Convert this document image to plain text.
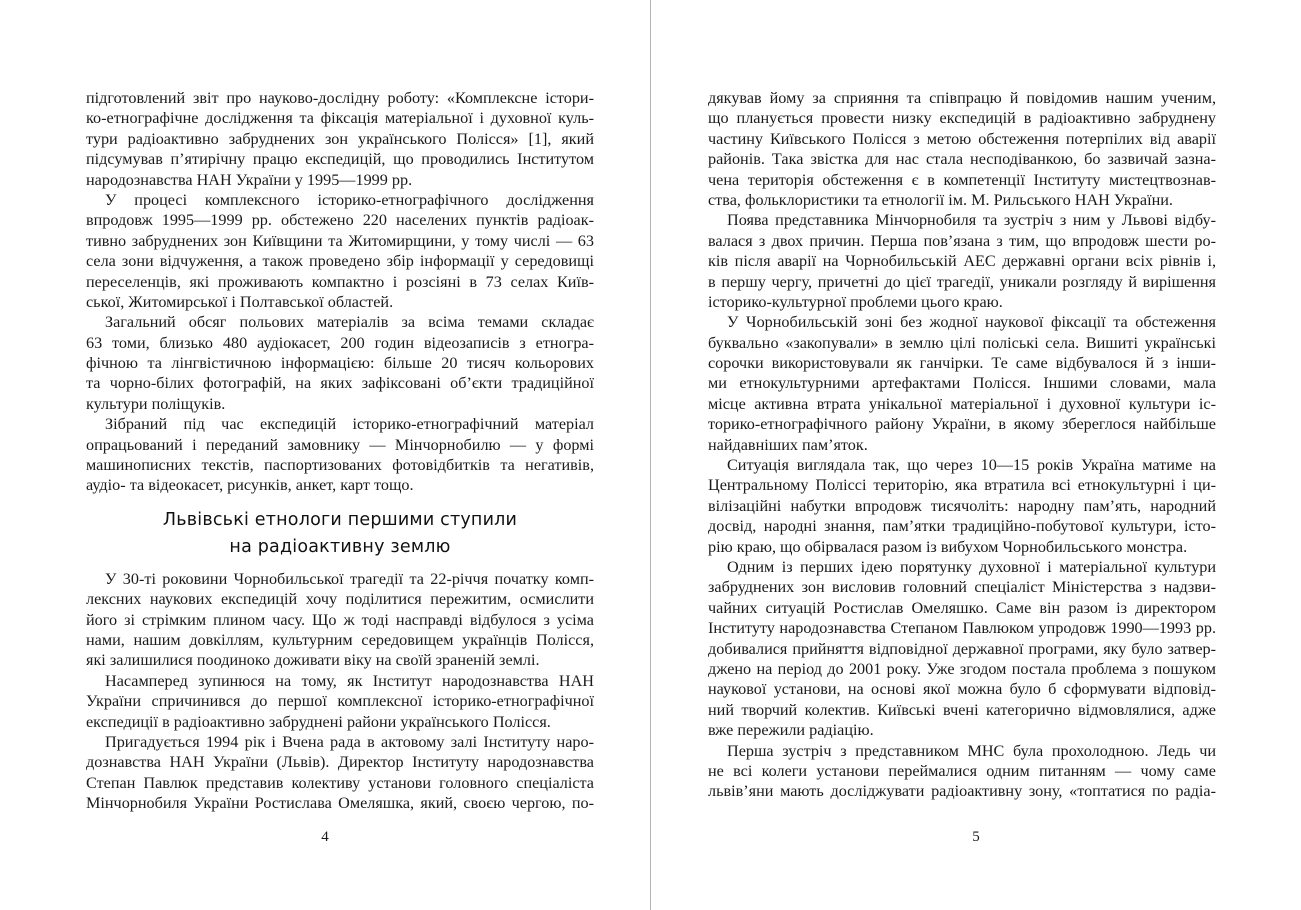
підготовлений звіт про науково-дослідну роботу: «Комплексне істори-
ко-етнографічне дослідження та фіксація матеріальної і духовної куль-
тури радіоактивно забруднених зон українського Полісся» [1], який
підсумував п’ятирічну працю експедицій, що проводились Інститутом
народознавства НАН України у 1995—1999 рр.
У процесі комплексного історико-етнографічного дослідження
впродовж 1995—1999 рр. обстежено 220 населених пунктів радіоак-
тивно забруднених зон Київщини та Житомирщини, у тому числі — 63
села зони відчуження, а також проведено збір інформації у середовищі
переселенців, які проживають компактно і розсіяні в 73 селах Київ-
ської, Житомирської і Полтавської областей.
Загальний обсяг польових матеріалів за всіма темами складає
63 томи, близько 480 аудіокасет, 200 годин відеозаписів з етногра-
фічною та лінгвістичною інформацією: більше 20 тисяч кольорових
та чорно-білих фотографій, на яких зафіксовані об’єкти традиційної
культури поліщуків.
Зібраний під час експедицій історико-етнографічний матеріал
опрацьований і переданий замовнику — Мінчорнобилю — у формі
машинописних текстів, паспортизованих фотовідбитків та негативів,
аудіо- та відеокасет, рисунків, анкет, карт тощо.
Львівські етнологи першими ступили
на радіоактивну землю
У 30-ті роковини Чорнобильської трагедії та 22-річчя початку комп-
лексних наукових експедицій хочу поділитися пережитим, осмислити
його зі стрімким плином часу. Що ж тоді насправді відбулося з усіма
нами, нашим довкіллям, культурним середовищем українців Полісся,
які залишилися поодиноко доживати віку на своїй зраненій землі.
Насамперед зупинюся на тому, як Інститут народознавства НАН
України спричинився до першої комплексної історико-етнографічної
експедиції в радіоактивно забруднені райони українського Полісся.
Пригадується 1994 рік і Вчена рада в актовому залі Інституту наро-
дознавства НАН України (Львів). Директор Інституту народознавства
Степан Павлюк представив колективу установи головного спеціаліста
Мінчорнобиля України Ростислава Омеляшка, який, своєю чергою, по-
4
дякував йому за сприяння та співпрацю й повідомив нашим ученим,
що планується провести низку експедицій в радіоактивно забруднену
частину Київського Полісся з метою обстеження потерпілих від аварії
районів. Така звістка для нас стала несподіванкою, бо зазвичай зазна-
чена територія обстеження є в компетенції Інституту мистецтвознав-
ства, фольклористики та етнології ім. М. Рильського НАН України.
Поява представника Мінчорнобиля та зустріч з ним у Львові відбу-
валася з двох причин. Перша пов’язана з тим, що впродовж шести ро-
ків після аварії на Чорнобильській АЕС державні органи всіх рівнів і,
в першу чергу, причетні до цієї трагедії, уникали розгляду й вирішення
історико-культурної проблеми цього краю.
У Чорнобильській зоні без жодної наукової фіксації та обстеження
буквально «закопували» в землю цілі поліські села. Вишиті українські
сорочки використовували як ганчірки. Те саме відбувалося й з інши-
ми етнокультурними артефактами Полісся. Іншими словами, мала
місце активна втрата унікальної матеріальної і духовної культури іс-
торико-етнографічного району України, в якому збереглося найбільше
найдавніших пам’яток.
Ситуація виглядала так, що через 10—15 років Україна матиме на
Центральному Поліссі територію, яка втратила всі етнокультурні і ци-
вілізаційні набутки впродовж тисячоліть: народну пам’ять, народний
досвід, народні знання, пам’ятки традиційно-побутової культури, істо-
рію краю, що обірвалася разом із вибухом Чорнобильського монстра.
Одним із перших ідею порятунку духовної і матеріальної культури
забруднених зон висловив головний спеціаліст Міністерства з надзви-
чайних ситуацій Ростислав Омеляшко. Саме він разом із директором
Інституту народознавства Степаном Павлюком упродовж 1990—1993 рр.
добивалися прийняття відповідної державної програми, яку було затвер-
джено на період до 2001 року. Уже згодом постала проблема з пошуком
наукової установи, на основі якої можна було б сформувати відповід-
ний творчий колектив. Київські вчені категорично відмовлялися, адже
вже пережили радіацію.
Перша зустріч з представником МНС була прохолодною. Ледь чи
не всі колеги установи переймалися одним питанням — чому саме
львів’яни мають досліджувати радіоактивну зону, «топтатися по радіа-
5
